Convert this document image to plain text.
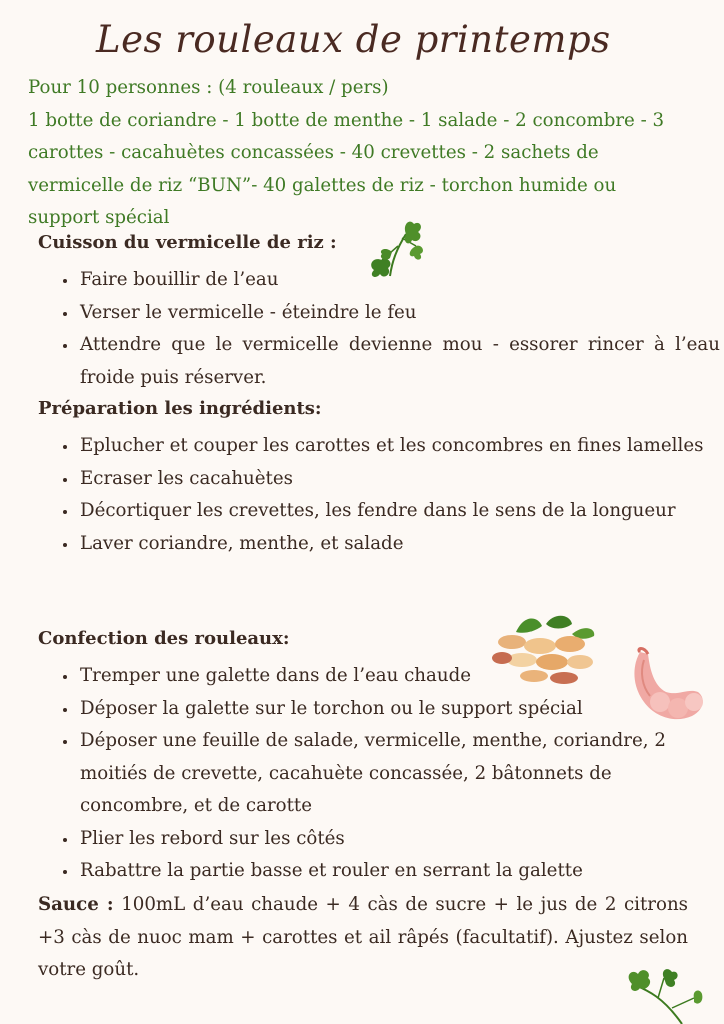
Les rouleaux de printemps

Pour 10 personnes : (4 rouleaux / pers)

1 botte de coriandre - 1 botte de menthe - 1 salade - 2 concombre - 3 carottes - cacahuètes concassées - 40 crevettes - 2 sachets de vermicelle de riz “BUN”- 40 galettes de riz - torchon humide ou support spécial

Cuisson du vermicelle de riz :

• Faire bouillir de l’eau
• Verser le vermicelle - éteindre le feu
• Attendre que le vermicelle devienne mou - essorer rincer à l’eau froide puis réserver.

Préparation les ingrédients:

• Eplucher et couper les carottes et les concombres en fines lamelles
• Ecraser les cacahuètes
• Décortiquer les crevettes, les fendre dans le sens de la longueur
• Laver coriandre, menthe, et salade

Confection des rouleaux:

• Tremper une galette dans de l’eau chaude
• Déposer la galette sur le torchon ou le support spécial
• Déposer une feuille de salade, vermicelle, menthe, coriandre, 2 moitiés de crevette, cacahuète concassée, 2 bâtonnets de concombre, et de carotte
• Plier les rebord sur les côtés
• Rabattre la partie basse et rouler en serrant la galette

Sauce : 100mL d’eau chaude + 4 càs de sucre + le jus de 2 citrons +3 càs de nuoc mam + carottes et ail râpés (facultatif). Ajustez selon votre goût.
